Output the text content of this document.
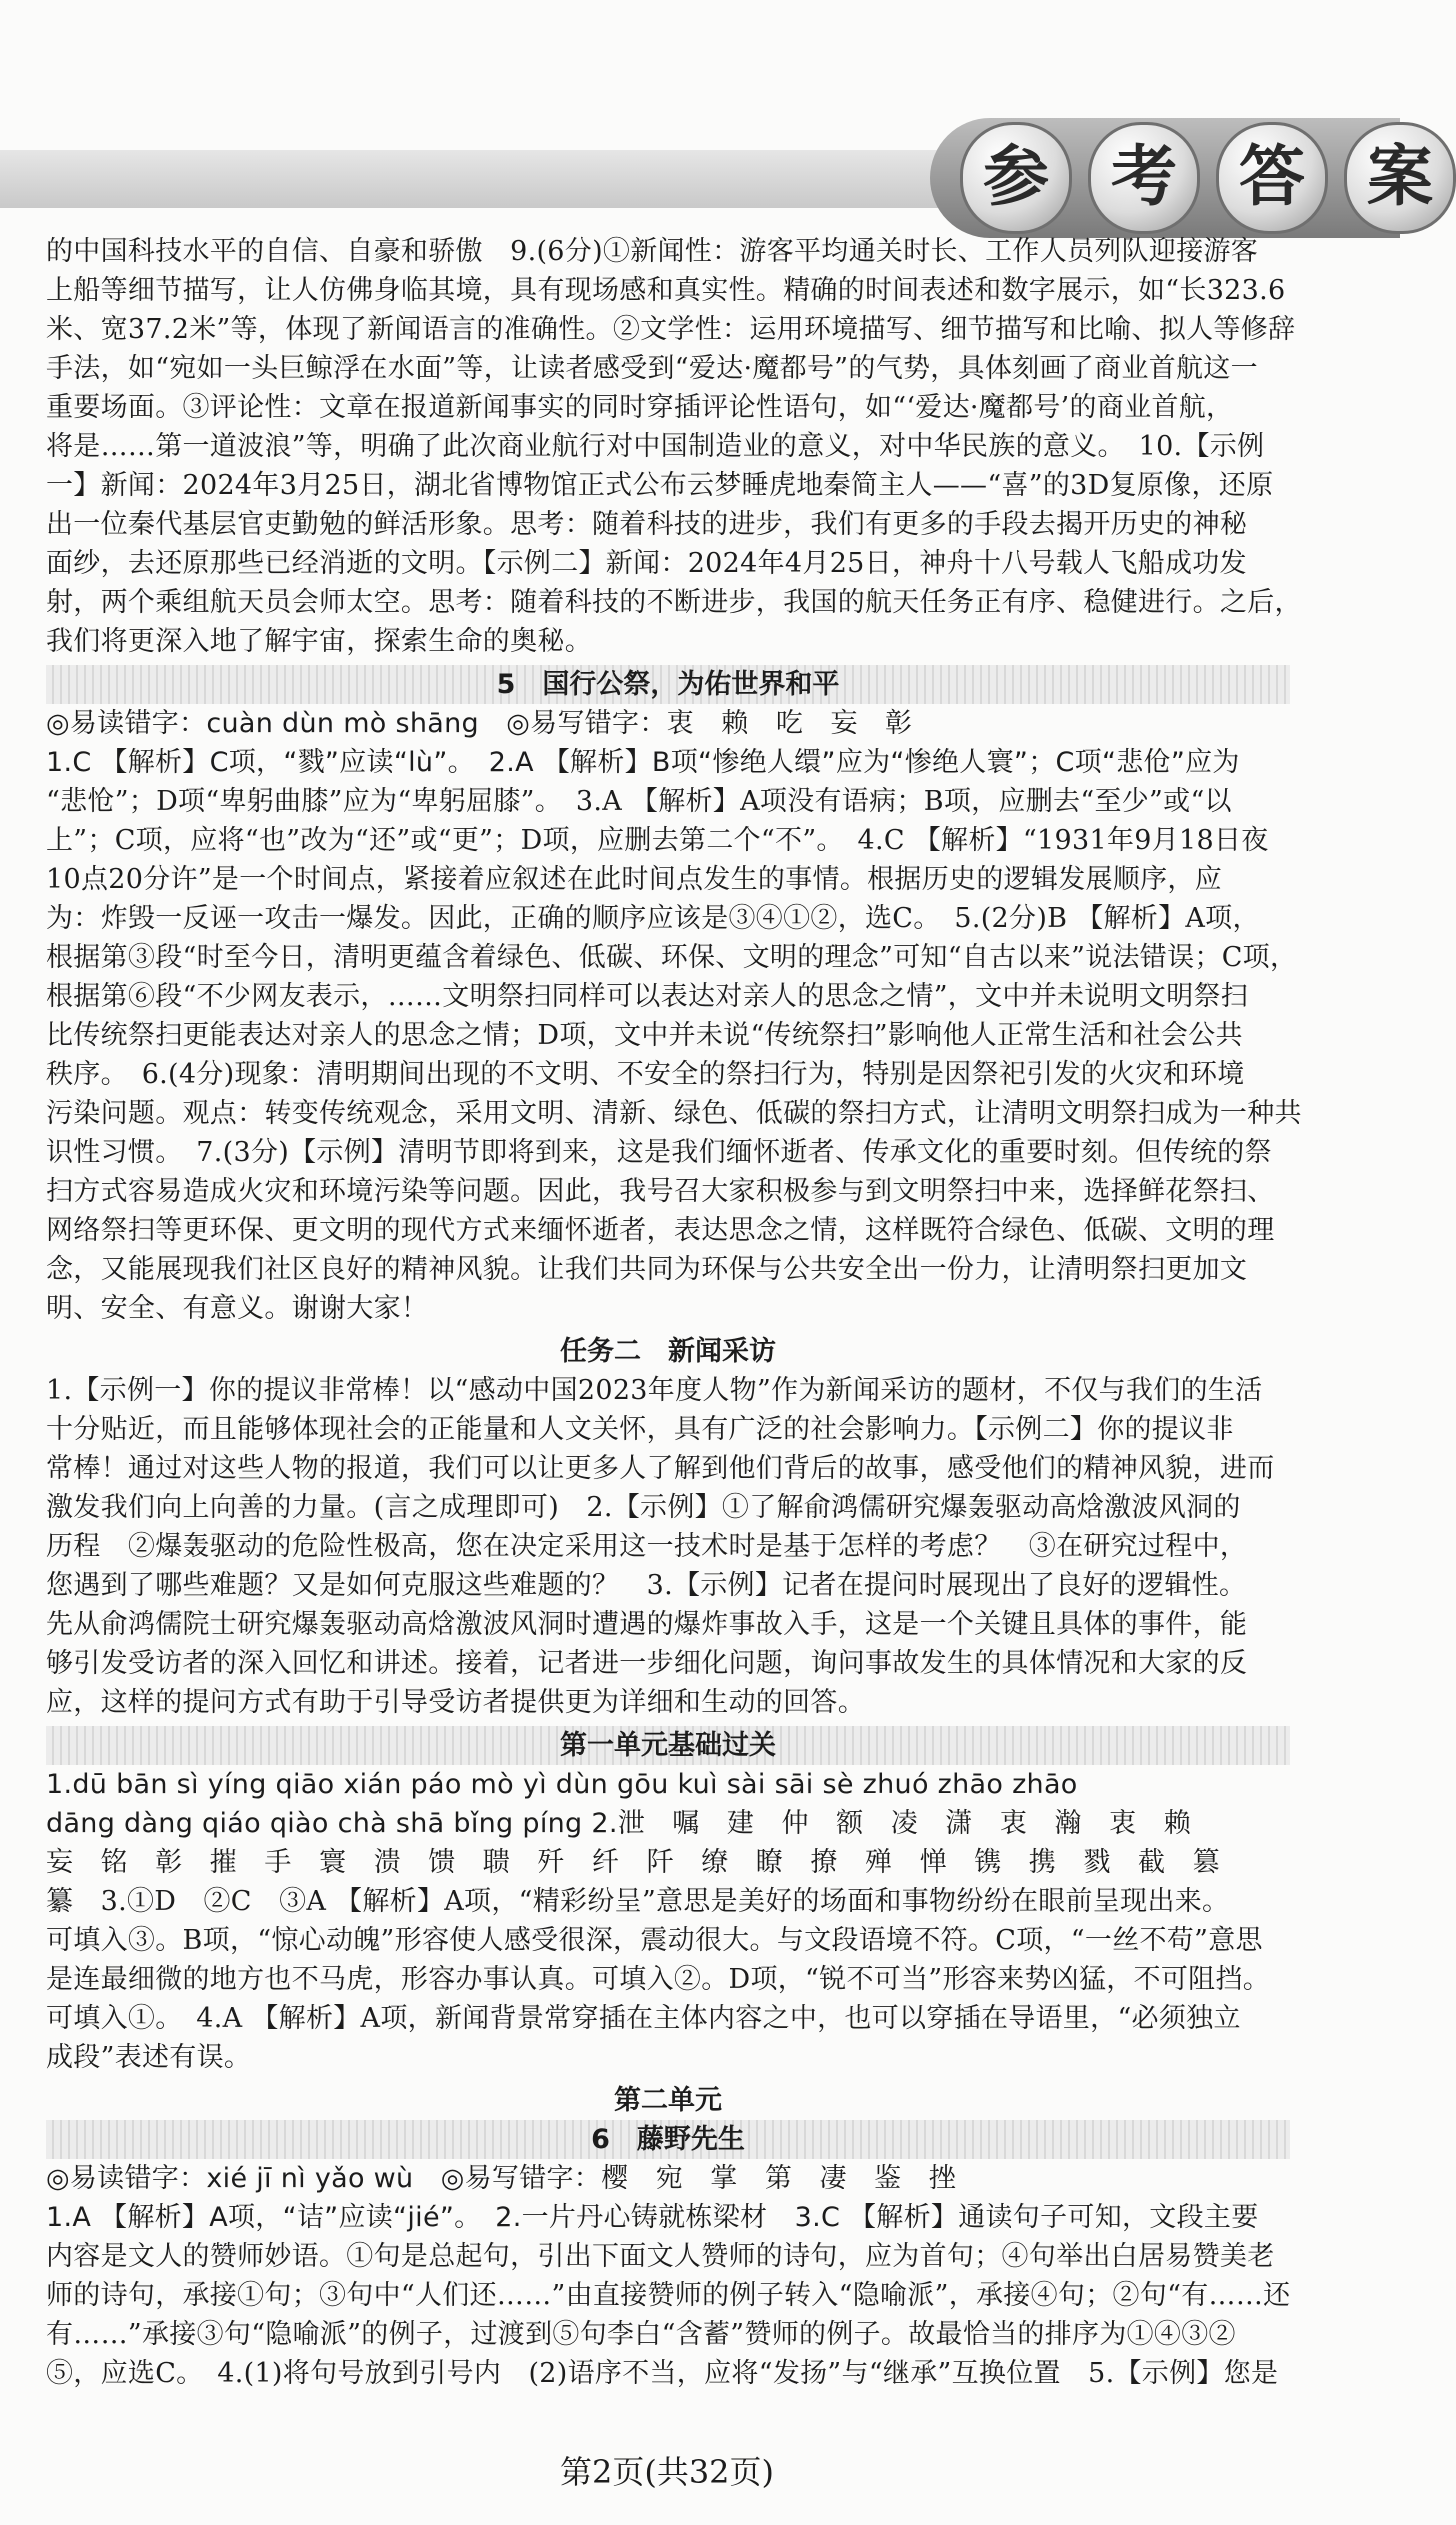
参 考 答 案
的中国科技水平的自信、自豪和骄傲　9.(6分)①新闻性：游客平均通关时长、工作人员列队迎接游客
上船等细节描写，让人仿佛身临其境，具有现场感和真实性。精确的时间表述和数字展示，如“长323.6
米、宽37.2米”等，体现了新闻语言的准确性。②文学性：运用环境描写、细节描写和比喻、拟人等修辞
手法，如“宛如一头巨鲸浮在水面”等，让读者感受到“爱达·魔都号”的气势，具体刻画了商业首航这一
重要场面。③评论性：文章在报道新闻事实的同时穿插评论性语句，如“‘爱达·魔都号’的商业首航，
将是……第一道波浪”等，明确了此次商业航行对中国制造业的意义，对中华民族的意义。　10.【示例
一】新闻：2024年3月25日，湖北省博物馆正式公布云梦睡虎地秦简主人——“喜”的3D复原像，还原
出一位秦代基层官吏勤勉的鲜活形象。思考：随着科技的进步，我们有更多的手段去揭开历史的神秘
面纱，去还原那些已经消逝的文明。【示例二】新闻：2024年4月25日，神舟十八号载人飞船成功发
射，两个乘组航天员会师太空。思考：随着科技的不断进步，我国的航天任务正有序、稳健进行。之后，
我们将更深入地了解宇宙，探索生命的奥秘。
第2页(共32页)
5　国行公祭，为佑世界和平
◎易读错字：cuàn dùn mò shāng　◎易写错字：衷　赖　吃　妄　彰
1.C 【解析】C项，“戮”应读“lù”。　2.A 【解析】B项“惨绝人缳”应为“惨绝人寰”；C项“悲伧”应为
“悲怆”；D项“卑躬曲膝”应为“卑躬屈膝”。　3.A 【解析】A项没有语病；B项，应删去“至少”或“以
上”；C项，应将“也”改为“还”或“更”；D项，应删去第二个“不”。　4.C 【解析】“1931年9月18日夜
10点20分许”是一个时间点，紧接着应叙述在此时间点发生的事情。根据历史的逻辑发展顺序，应
为：炸毁一反诬一攻击一爆发。因此，正确的顺序应该是③④①②，选C。　5.(2分)B 【解析】A项，
根据第③段“时至今日，清明更蕴含着绿色、低碳、环保、文明的理念”可知“自古以来”说法错误；C项，
根据第⑥段“不少网友表示，……文明祭扫同样可以表达对亲人的思念之情”，文中并未说明文明祭扫
比传统祭扫更能表达对亲人的思念之情；D项，文中并未说“传统祭扫”影响他人正常生活和社会公共
秩序。　6.(4分)现象：清明期间出现的不文明、不安全的祭扫行为，特别是因祭祀引发的火灾和环境
污染问题。观点：转变传统观念，采用文明、清新、绿色、低碳的祭扫方式，让清明文明祭扫成为一种共
识性习惯。　7.(3分)【示例】清明节即将到来，这是我们缅怀逝者、传承文化的重要时刻。但传统的祭
扫方式容易造成火灾和环境污染等问题。因此，我号召大家积极参与到文明祭扫中来，选择鲜花祭扫、
网络祭扫等更环保、更文明的现代方式来缅怀逝者，表达思念之情，这样既符合绿色、低碳、文明的理
念，又能展现我们社区良好的精神风貌。让我们共同为环保与公共安全出一份力，让清明祭扫更加文
明、安全、有意义。谢谢大家！
任务二　新闻采访
1.【示例一】你的提议非常棒！以“感动中国2023年度人物”作为新闻采访的题材，不仅与我们的生活
十分贴近，而且能够体现社会的正能量和人文关怀，具有广泛的社会影响力。【示例二】你的提议非
常棒！通过对这些人物的报道，我们可以让更多人了解到他们背后的故事，感受他们的精神风貌，进而
激发我们向上向善的力量。(言之成理即可)　2.【示例】①了解俞鸿儒研究爆轰驱动高焓激波风洞的
历程　②爆轰驱动的危险性极高，您在决定采用这一技术时是基于怎样的考虑？　③在研究过程中，
您遇到了哪些难题？又是如何克服这些难题的？　3.【示例】记者在提问时展现出了良好的逻辑性。
先从俞鸿儒院士研究爆轰驱动高焓激波风洞时遭遇的爆炸事故入手，这是一个关键且具体的事件，能
够引发受访者的深入回忆和讲述。接着，记者进一步细化问题，询问事故发生的具体情况和大家的反
应，这样的提问方式有助于引导受访者提供更为详细和生动的回答。
第一单元基础过关
1.dū bān sì yíng qiāo xián páo mò yì dùn gōu kuì sài sāi sè zhuó zhāo zhāo
dāng dàng qiáo qiào chà shā bǐng píng 2.泄　嘱　建　仲　额　凌　潇　衷　瀚　衷　赖
妄　铭　彰　摧　手　寰　溃　馈　聩　歼　纤　阡　缭　瞭　撩　殚　惮　镌　携　戮　截　篡
纂　3.①D　②C　③A 【解析】A项，“精彩纷呈”意思是美好的场面和事物纷纷在眼前呈现出来。
可填入③。B项，“惊心动魄”形容使人感受很深，震动很大。与文段语境不符。C项，“一丝不苟”意思
是连最细微的地方也不马虎，形容办事认真。可填入②。D项，“锐不可当”形容来势凶猛，不可阻挡。
可填入①。　4.A 【解析】A项，新闻背景常穿插在主体内容之中，也可以穿插在导语里，“必须独立
成段”表述有误。
第二单元
6　藤野先生
◎易读错字：xié jī nì yǎo wù　◎易写错字：樱　宛　掌　第　凄　鉴　挫
1.A 【解析】A项，“诘”应读“jié”。　2.一片丹心铸就栋梁材　3.C 【解析】通读句子可知，文段主要
内容是文人的赞师妙语。①句是总起句，引出下面文人赞师的诗句，应为首句；④句举出白居易赞美老
师的诗句，承接①句；③句中“人们还……”由直接赞师的例子转入“隐喻派”，承接④句；②句“有……还
有……”承接③句“隐喻派”的例子，过渡到⑤句李白“含蓄”赞师的例子。故最恰当的排序为①④③②
⑤，应选C。　4.(1)将句号放到引号内　(2)语序不当，应将“发扬”与“继承”互换位置　5.【示例】您是
